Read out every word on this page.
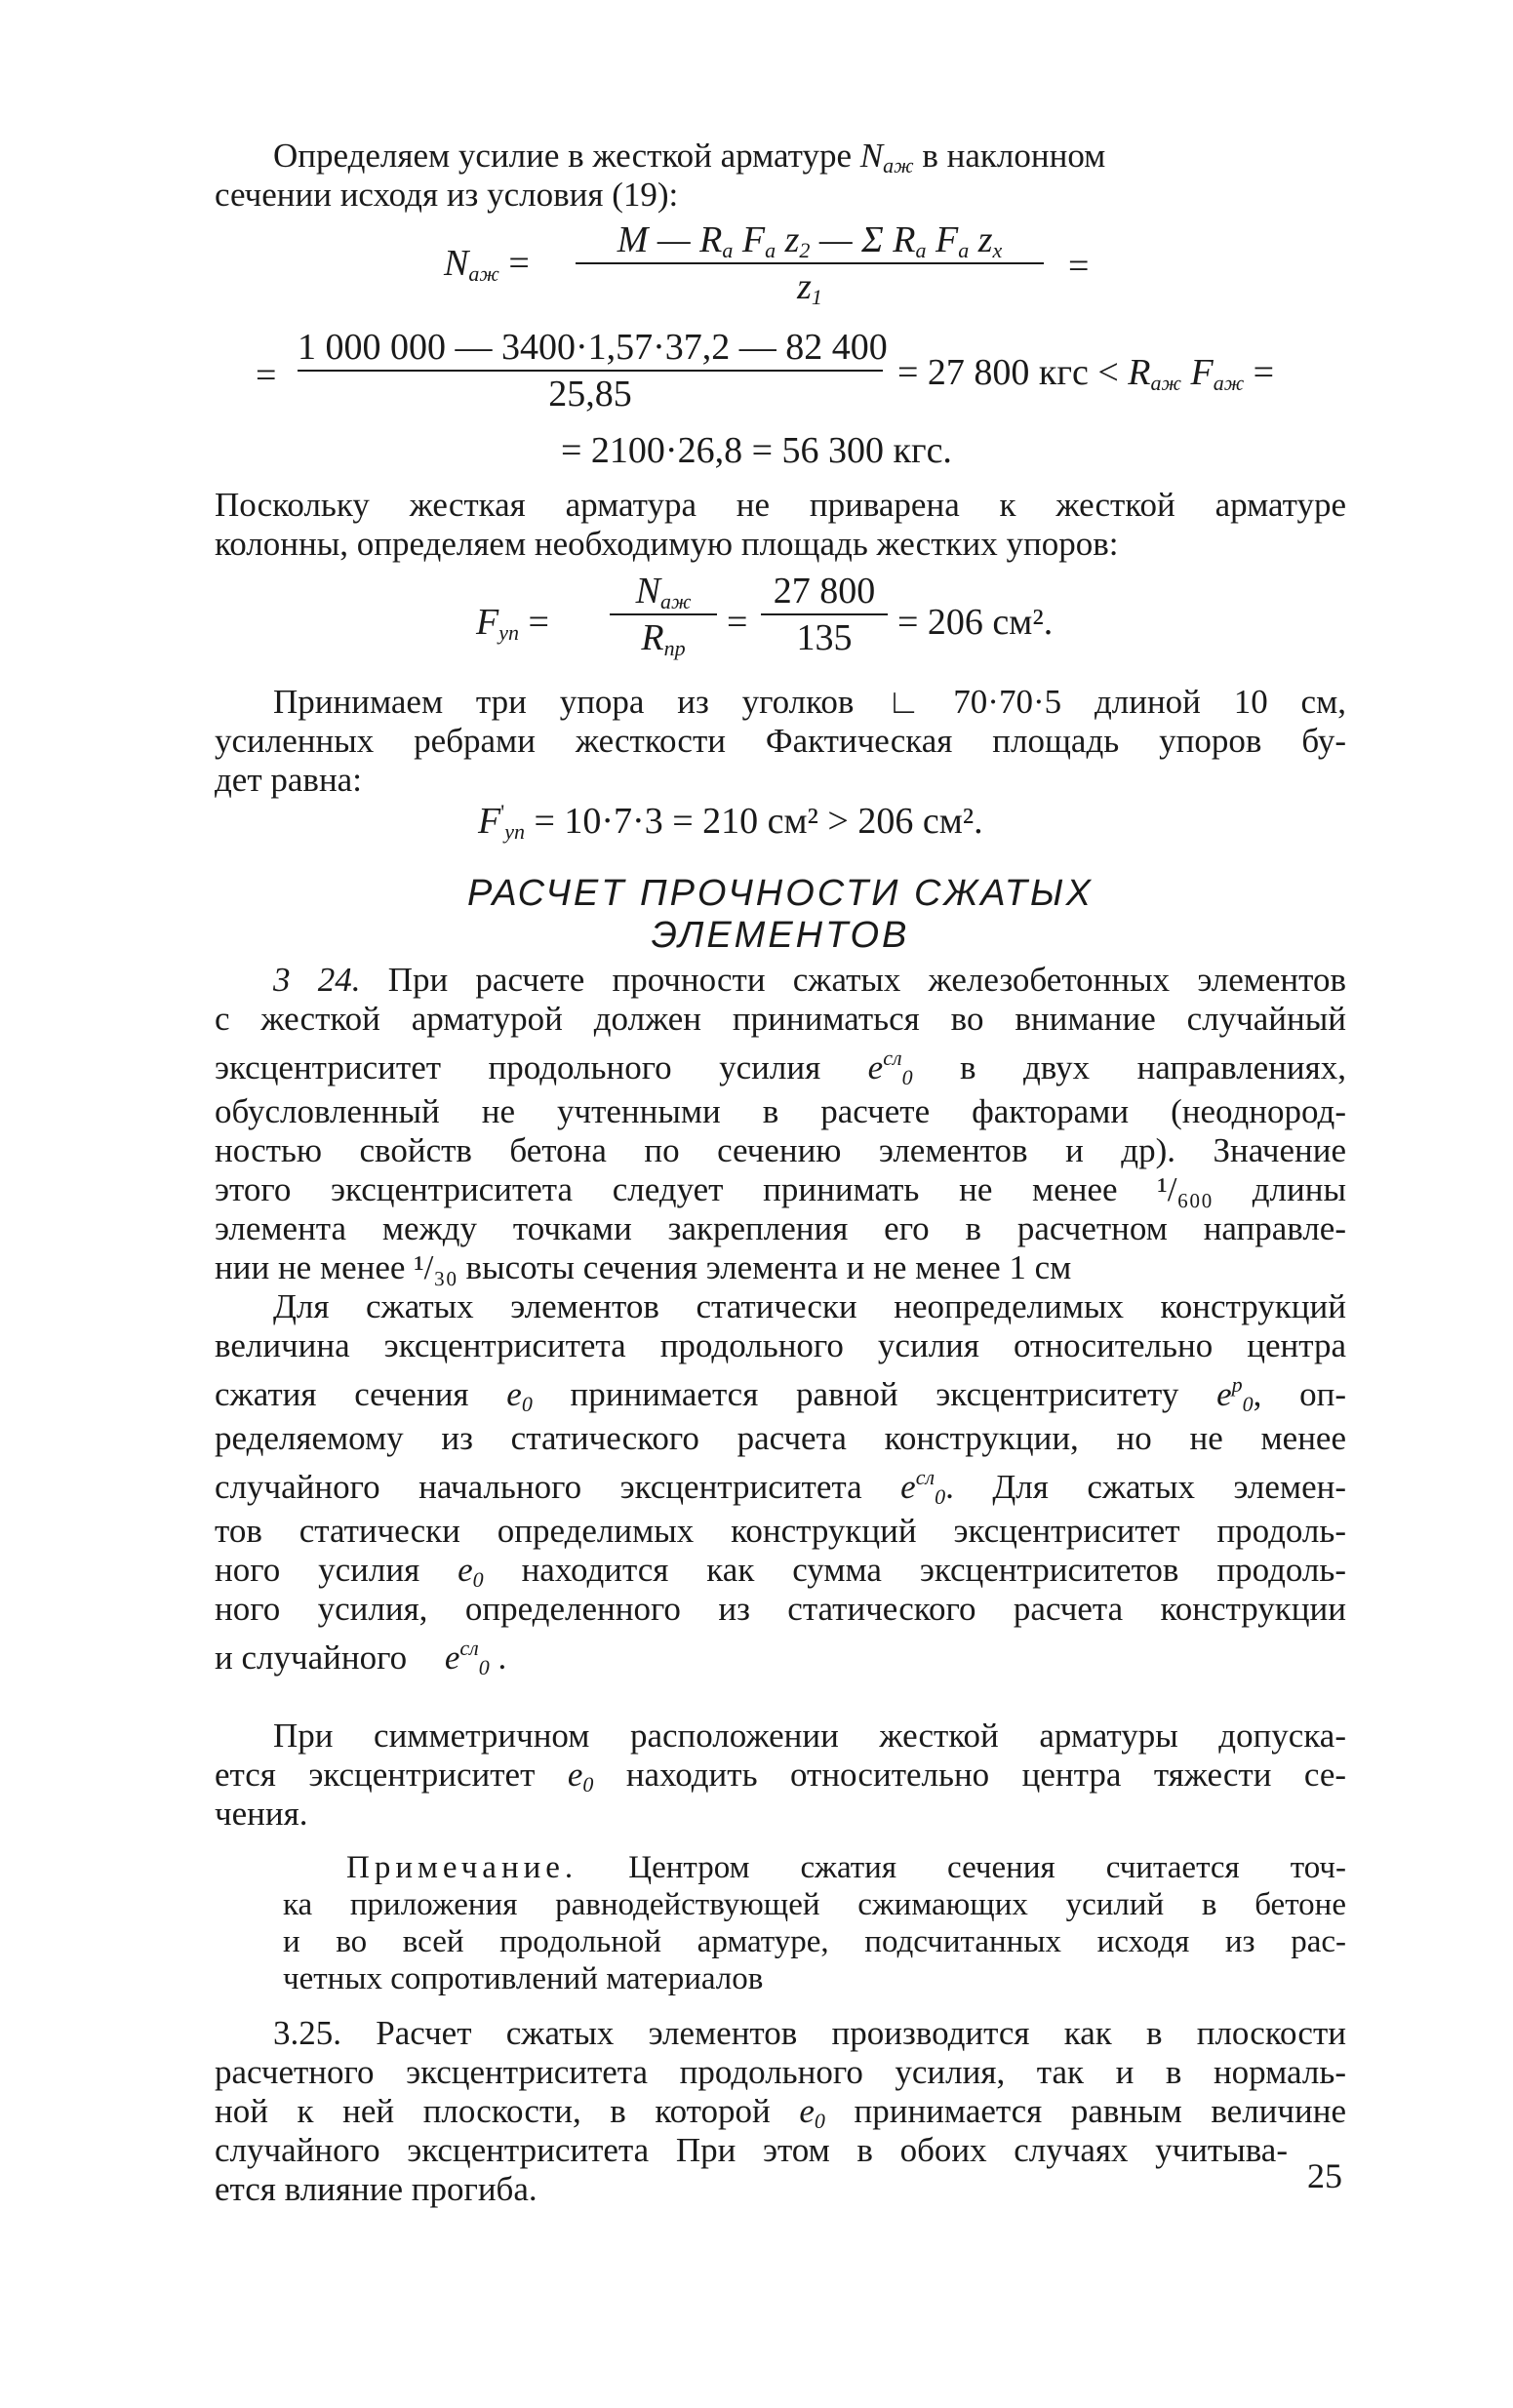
Определяем усилие в жесткой арматуре $N_{аж}$ в наклонном
сечении исходя из условия (19):
$N_{аж}$ =
M — $R_а$ $F_а$ $z_2$ — Σ $R_а$ $F_а$ $z_x$
$z_1$
=
=
1 000 000 — 3400·1,57·37,2 — 82 400
25,85
= 27 800 кгс < $R_{аж}$ $F_{аж}$ =
= 2100·26,8 = 56 300 кгс.
Поскольку жесткая арматура не приварена к жесткой арматуре
колонны, определяем необходимую площадь жестких упоров:
$F_{уп}$ =
$N_{аж}$
$R_{пр}$
=
27 800
135	= 206 см².
Принимаем три упора из уголков ∟ 70·70·5 длиной 10 см,
усиленных ребрами жесткости Фактическая площадь упоров бу-
дет равна:
$F'_{уп} = 10\cdot 7\cdot 3 = 210$ см² > 206 см².
РАСЧЕТ ПРОЧНОСТИ СЖАТЫХ ЭЛЕМЕНТОВ
3 24. При расчете прочности сжатых железобетонных элементов
с жесткой арматурой должен приниматься во внимание случайный
эксцентриситет продольного усилия $e^{сл}_0$ в двух направлениях,
обусловленный не учтенными в расчете факторами (неоднород-
ностью свойств бетона по сечению элементов и др). Значение
этого эксцентриситета следует принимать не менее ¹/₆₀₀ длины
элемента между точками закрепления его в расчетном направле-
нии не менее ¹/₃₀ высоты сечения элемента и не менее 1 см
Для сжатых элементов статически неопределимых конструкций
величина эксцентриситета продольного усилия относительно центра
сжатия сечения $e_0$ принимается равной эксцентриситету $e^р_0$, оп-
ределяемому из статического расчета конструкции, но не менее
случайного начального эксцентриситета $e^{сл}_0$. Для сжатых элемен-
тов статически определимых конструкций эксцентриситет продоль-
ного усилия $e_0$ находится как сумма эксцентриситетов продоль-
ного усилия, определенного из статического расчета конструкции
и случайного $e^{сл}_0$ .
При симметричном расположении жесткой арматуры допуска-
ется эксцентриситет $e_0$ находить относительно центра тяжести се-
чения.
Примечание. Центром сжатия сечения считается точ-
ка приложения равнодействующей сжимающих усилий в бетоне
и во всей продольной арматуре, подсчитанных исходя из рас-
четных сопротивлений материалов
3.25. Расчет сжатых элементов производится как в плоскости
расчетного эксцентриситета продольного усилия, так и в нормаль-
ной к ней плоскости, в которой $e_0$ принимается равным величине
случайного эксцентриситета При этом в обоих случаях учитыва-
ется влияние прогиба.	25
